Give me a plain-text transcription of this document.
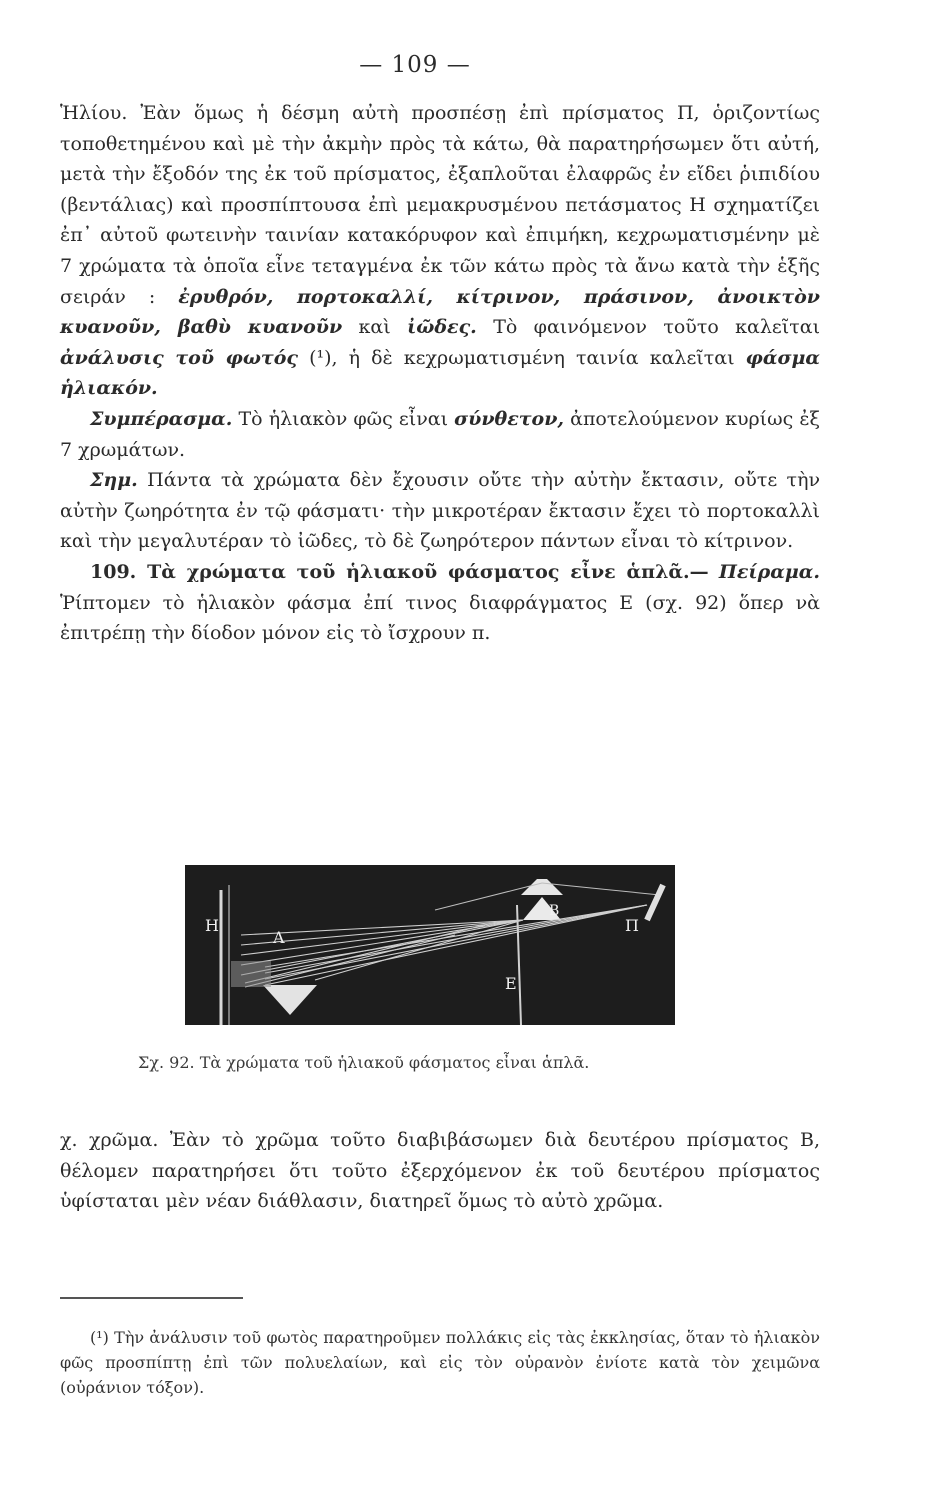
— 109 —

Ἡλίου. Ἐὰν ὅμως ἡ δέσμη αὐτὴ προσπέσῃ ἐπὶ πρίσματος Π, ὁριζοντίως τοποθετημένου καὶ μὲ τὴν ἀκμὴν πρὸς τὰ κάτω, θὰ παρατηρήσωμεν ὅτι αὐτή, μετὰ τὴν ἔξοδόν της ἐκ τοῦ πρίσματος, ἐξαπλοῦται ἐλαφρῶς ἐν εἴδει ῥιπιδίου (βεντάλιας) καὶ προσπίπτουσα ἐπὶ μεμακρυσμένου πετάσματος Η σχηματίζει ἐπ᾿ αὐτοῦ φωτεινὴν ταινίαν κατακόρυφον καὶ ἐπιμήκη, κεχρωματισμένην μὲ 7 χρώματα τὰ ὁποῖα εἶνε τεταγμένα ἐκ τῶν κάτω πρὸς τὰ ἄνω κατὰ τὴν ἑξῆς σειράν : ἐρυθρόν, πορτοκαλλί, κίτρινον, πράσινον, ἀνοικτὸν κυανοῦν, βαθὺ κυανοῦν καὶ ἰῶδες. Τὸ φαινόμενον τοῦτο καλεῖται ἀνάλυσις τοῦ φωτός (¹), ἡ δὲ κεχρωματισμένη ταινία καλεῖται φάσμα ἡλιακόν.

Συμπέρασμα. Τὸ ἡλιακὸν φῶς εἶναι σύνθετον, ἀποτελούμενον κυρίως ἐξ 7 χρωμάτων.

Σημ. Πάντα τὰ χρώματα δὲν ἔχουσιν οὔτε τὴν αὐτὴν ἔκτασιν, οὔτε τὴν αὐτὴν ζωηρότητα ἐν τῷ φάσματι· τὴν μικροτέραν ἔκτασιν ἔχει τὸ πορτοκαλλὶ καὶ τὴν μεγαλυτέραν τὸ ἰῶδες, τὸ δὲ ζωηρότερον πάντων εἶναι τὸ κίτρινον.

109. Τὰ χρώματα τοῦ ἡλιακοῦ φάσματος εἶνε ἁπλᾶ.— Πείραμα. Ῥίπτομεν τὸ ἡλιακὸν φάσμα ἐπί τινος διαφράγματος Ε (σχ. 92) ὅπερ νὰ ἐπιτρέπῃ τὴν δίοδον μόνον εἰς τὸ ἴσχρουν π.

Η
Α
Β
Π
Ε
Σχ. 92. Τὰ χρώματα τοῦ ἡλιακοῦ φάσματος εἶναι ἁπλᾶ.

χ. χρῶμα. Ἐὰν τὸ χρῶμα τοῦτο διαβιβάσωμεν διὰ δευτέρου πρίσματος Β, θέλομεν παρατηρήσει ὅτι τοῦτο ἐξερχόμενον ἐκ τοῦ δευτέρου πρίσματος ὑφίσταται μὲν νέαν διάθλασιν, διατηρεῖ ὅμως τὸ αὐτὸ χρῶμα.

(¹) Τὴν ἀνάλυσιν τοῦ φωτὸς παρατηροῦμεν πολλάκις εἰς τὰς ἐκκλησίας, ὅταν τὸ ἡλιακὸν φῶς προσπίπτῃ ἐπὶ τῶν πολυελαίων, καὶ εἰς τὸν οὐρανὸν ἐνίοτε κατὰ τὸν χειμῶνα (οὐράνιον τόξον).
